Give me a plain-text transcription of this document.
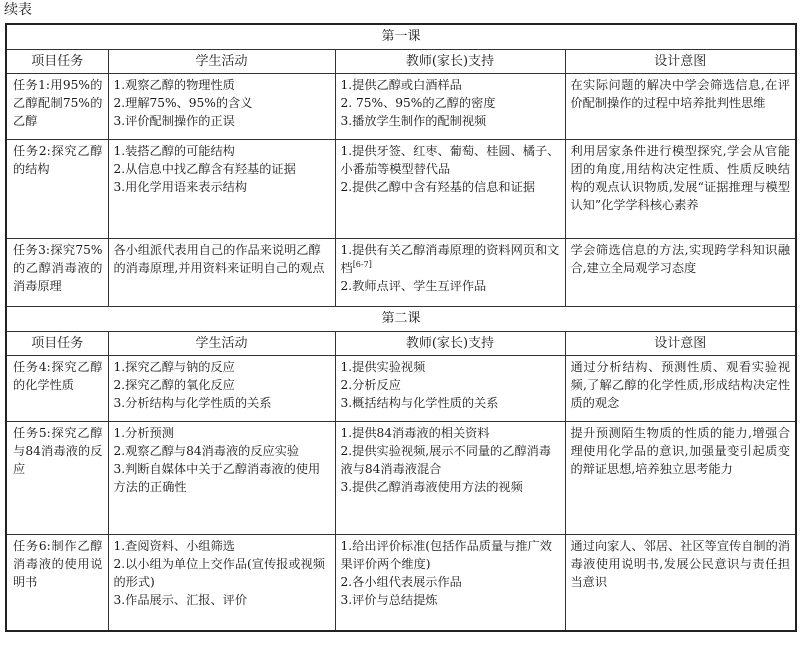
续表
第一课			
项目任务	学生活动	教师(家长)支持	设计意图
任务1:用95%的乙醇配制75%的乙醇	1.观察乙醇的物理性质
2.理解75%、95%的含义
3.评价配制操作的正误	1.提供乙醇或白酒样品
2. 75%、95%的乙醇的密度
3.播放学生制作的配制视频	在实际问题的解决中学会筛选信息,在评价配制操作的过程中培养批判性思维
任务2:探究乙醇的结构	1.装搭乙醇的可能结构
2.从信息中找乙醇含有羟基的证据
3.用化学用语来表示结构	1.提供牙签、红枣、葡萄、桂圆、橘子、小番茄等模型替代品
2.提供乙醇中含有羟基的信息和证据	利用居家条件进行模型探究,学会从官能团的角度,用结构决定性质、性质反映结构的观点认识物质,发展“证据推理与模型认知”化学学科核心素养
任务3:探究75%的乙醇消毒液的消毒原理	各小组派代表用自己的作品来说明乙醇的消毒原理,并用资料来证明自己的观点	1.提供有关乙醇消毒原理的资料网页和文档[6-7]
2.教师点评、学生互评作品	学会筛选信息的方法,实现跨学科知识融合,建立全局观学习态度
第二课			
项目任务	学生活动	教师(家长)支持	设计意图
任务4:探究乙醇的化学性质	1.探究乙醇与钠的反应
2.探究乙醇的氧化反应
3.分析结构与化学性质的关系	1.提供实验视频
2.分析反应
3.概括结构与化学性质的关系	通过分析结构、预测性质、观看实验视频,了解乙醇的化学性质,形成结构决定性质的观念
任务5:探究乙醇与84消毒液的反应	1.分析预测
2.观察乙醇与84消毒液的反应实验
3.判断自媒体中关于乙醇消毒液的使用方法的正确性	1.提供84消毒液的相关资料
2.提供实验视频,展示不同量的乙醇消毒液与84消毒液混合
3.提供乙醇消毒液使用方法的视频	提升预测陌生物质的性质的能力,增强合理使用化学品的意识,加强量变引起质变的辩证思想,培养独立思考能力
任务6:制作乙醇消毒液的使用说明书	1.查阅资料、小组筛选
2.以小组为单位上交作品(宣传报或视频的形式)
3.作品展示、汇报、评价	1.给出评价标准(包括作品质量与推广效果评价两个维度)
2.各小组代表展示作品
3.评价与总结提炼	通过向家人、邻居、社区等宣传自制的消毒液使用说明书,发展公民意识与责任担当意识
